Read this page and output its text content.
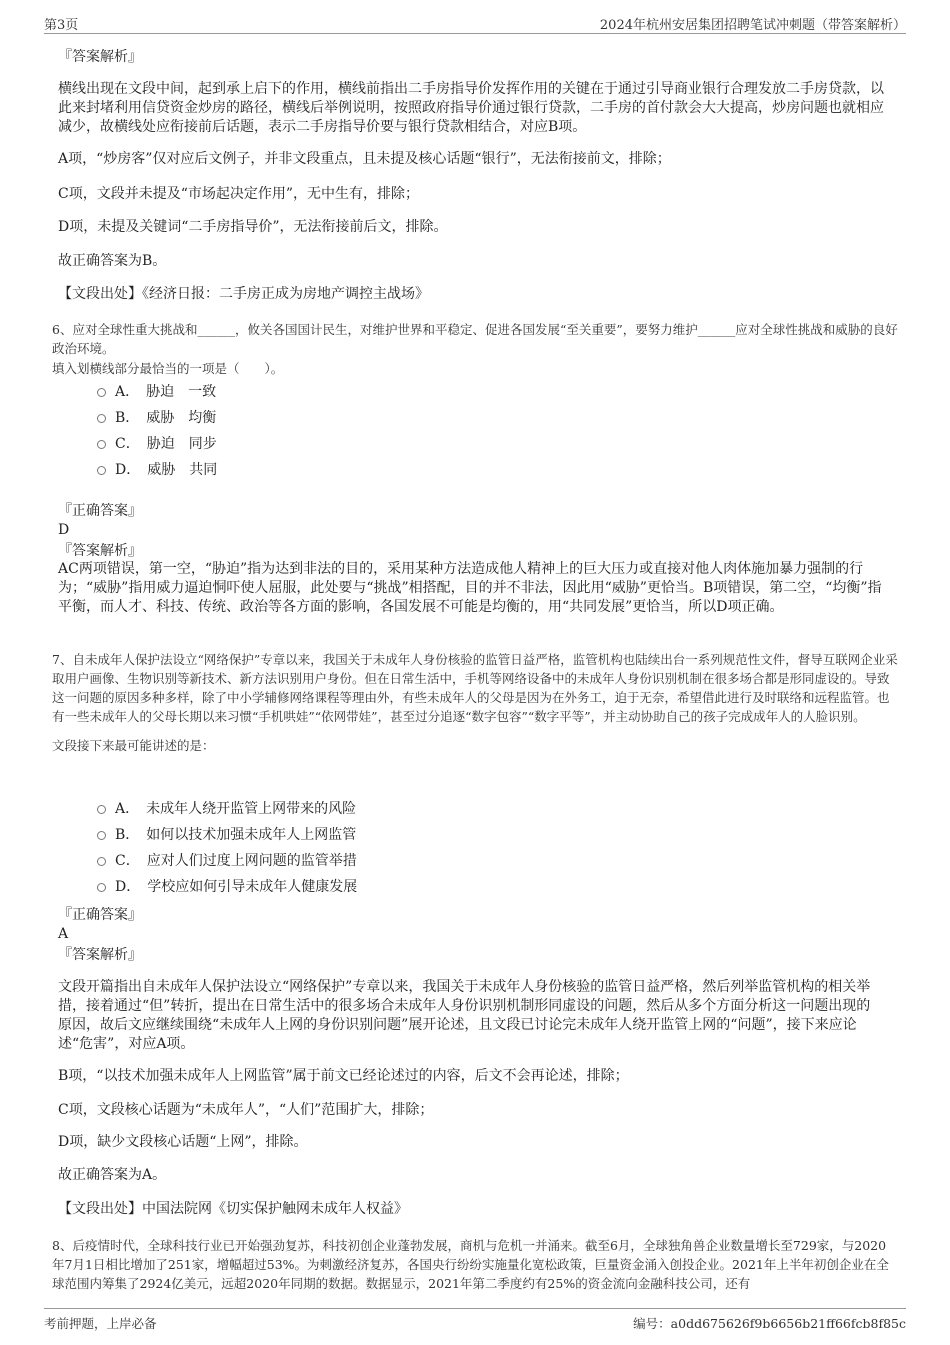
第3页	2024年杭州安居集团招聘笔试冲刺题（带答案解析）
『答案解析』

横线出现在文段中间，起到承上启下的作用，横线前指出二手房指导价发挥作用的关键在于通过引导商业银行合理发放二手房贷款，以此来封堵利用信贷资金炒房的路径，横线后举例说明，按照政府指导价通过银行贷款，二手房的首付款会大大提高，炒房问题也就相应减少，故横线处应衔接前后话题，表示二手房指导价要与银行贷款相结合，对应B项。

A项，“炒房客”仅对应后文例子，并非文段重点，且未提及核心话题“银行”，无法衔接前文，排除；

C项，文段并未提及“市场起决定作用”，无中生有，排除；

D项，未提及关键词“二手房指导价”，无法衔接前后文，排除。

故正确答案为B。

【文段出处】《经济日报：二手房正成为房地产调控主战场》

6、应对全球性重大挑战和______，攸关各国国计民生，对维护世界和平稳定、促进各国发展“至关重要”，要努力维护______应对全球性挑战和威胁的良好政治环境。

填入划横线部分最恰当的一项是（　　）。

A．　胁迫　一致
B．　威胁　均衡
C．　胁迫　同步
D．　威胁　共同
『正确答案』
D
『答案解析』

AC两项错误，第一空，“胁迫”指为达到非法的目的，采用某种方法造成他人精神上的巨大压力或直接对他人肉体施加暴力强制的行为；“威胁”指用威力逼迫恫吓使人屈服，此处要与“挑战”相搭配，目的并不非法，因此用“威胁”更恰当。B项错误，第二空，“均衡”指平衡，而人才、科技、传统、政治等各方面的影响，各国发展不可能是均衡的，用“共同发展”更恰当，所以D项正确。

7、自未成年人保护法设立“网络保护”专章以来，我国关于未成年人身份核验的监管日益严格，监管机构也陆续出台一系列规范性文件，督导互联网企业采取用户画像、生物识别等新技术、新方法识别用户身份。但在日常生活中，手机等网络设备中的未成年人身份识别机制在很多场合都是形同虚设的。导致这一问题的原因多种多样，除了中小学辅修网络课程等理由外，有些未成年人的父母是因为在外务工，迫于无奈，希望借此进行及时联络和远程监管。也有一些未成年人的父母长期以来习惯“手机哄娃”“依网带娃”，甚至过分追逐“数字包容”“数字平等”，并主动协助自己的孩子完成成年人的人脸识别。

文段接下来最可能讲述的是：

A．　未成年人绕开监管上网带来的风险
B．　如何以技术加强未成年人上网监管
C．　应对人们过度上网问题的监管举措
D．　学校应如何引导未成年人健康发展
『正确答案』
A
『答案解析』

文段开篇指出自未成年人保护法设立“网络保护”专章以来，我国关于未成年人身份核验的监管日益严格，然后列举监管机构的相关举措，接着通过“但”转折，提出在日常生活中的很多场合未成年人身份识别机制形同虚设的问题，然后从多个方面分析这一问题出现的原因，故后文应继续围绕“未成年人上网的身份识别问题”展开论述，且文段已讨论完未成年人绕开监管上网的“问题”，接下来应论述“危害”，对应A项。

B项，“以技术加强未成年人上网监管”属于前文已经论述过的内容，后文不会再论述，排除；

C项，文段核心话题为“未成年人”，“人们”范围扩大，排除；

D项，缺少文段核心话题“上网”，排除。

故正确答案为A。

【文段出处】中国法院网《切实保护触网未成年人权益》

8、后疫情时代，全球科技行业已开始强劲复苏，科技初创企业蓬勃发展，商机与危机一并涌来。截至6月，全球独角兽企业数量增长至729家，与2020年7月1日相比增加了251家，增幅超过53%。为刺激经济复苏，各国央行纷纷实施量化宽松政策，巨量资金涌入创投企业。2021年上半年初创企业在全球范围内筹集了2924亿美元，远超2020年同期的数据。数据显示，2021年第二季度约有25%的资金流向金融科技公司，还有

考前押题，上岸必备	编号：a0dd675626f9b6656b21ff66fcb8f85c
